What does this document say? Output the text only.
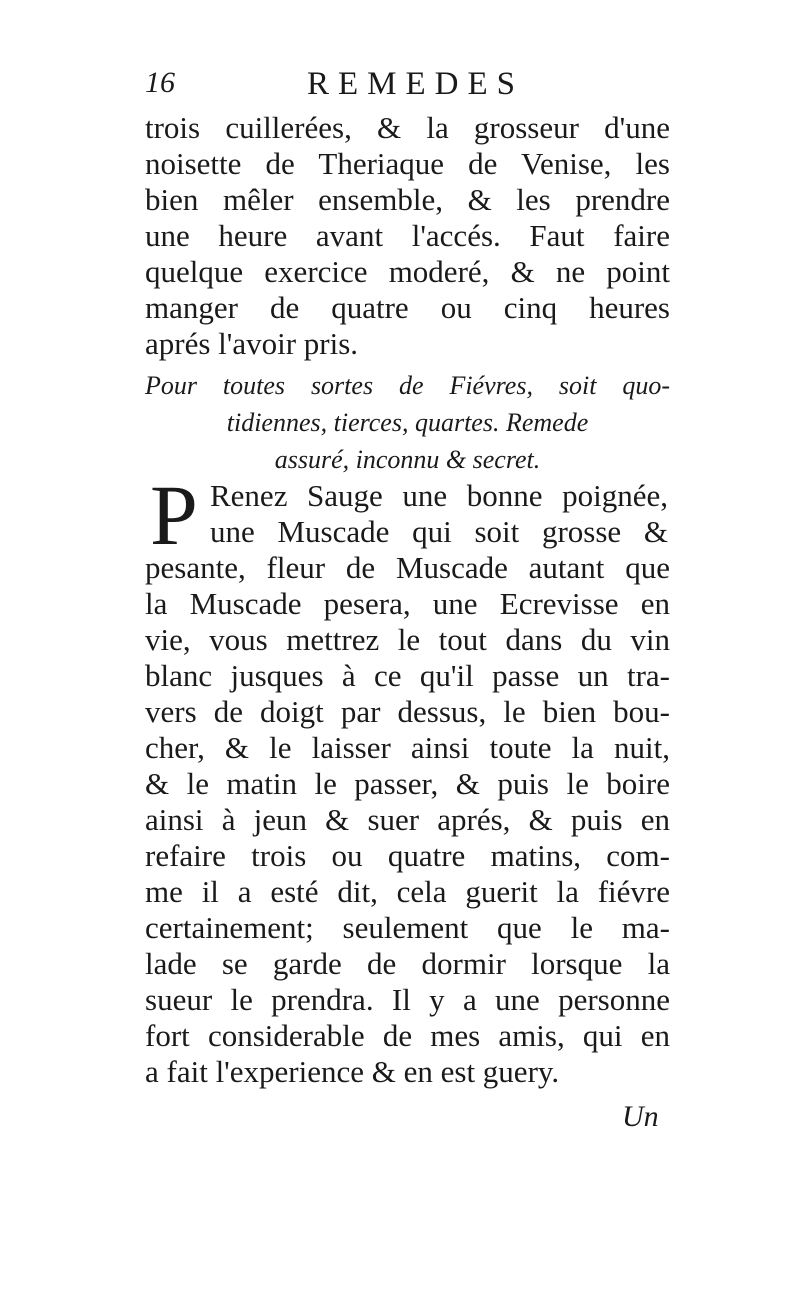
16	REMEDES
trois cuillerées, & la grosseur d'une
noisette de Theriaque de Venise, les
bien mêler ensemble, & les prendre
une heure avant l'accés. Faut faire
quelque exercice moderé, & ne point
manger de quatre ou cinq heures
aprés l'avoir pris.
Pour toutes sortes de Fiévres, soit quo-
tidiennes, tierces, quartes. Remede
assuré, inconnu & secret.
P Renez Sauge une bonne poignée,
une Muscade qui soit grosse &
pesante, fleur de Muscade autant que
la Muscade pesera, une Ecrevisse en
vie, vous mettrez le tout dans du vin
blanc jusques à ce qu'il passe un tra-
vers de doigt par dessus, le bien bou-
cher, & le laisser ainsi toute la nuit,
& le matin le passer, & puis le boire
ainsi à jeun & suer aprés, & puis en
refaire trois ou quatre matins, com-
me il a esté dit, cela guerit la fiévre
certainement; seulement que le ma-
lade se garde de dormir lorsque la
sueur le prendra. Il y a une personne
fort considerable de mes amis, qui en
a fait l'experience & en est guery.
Un
